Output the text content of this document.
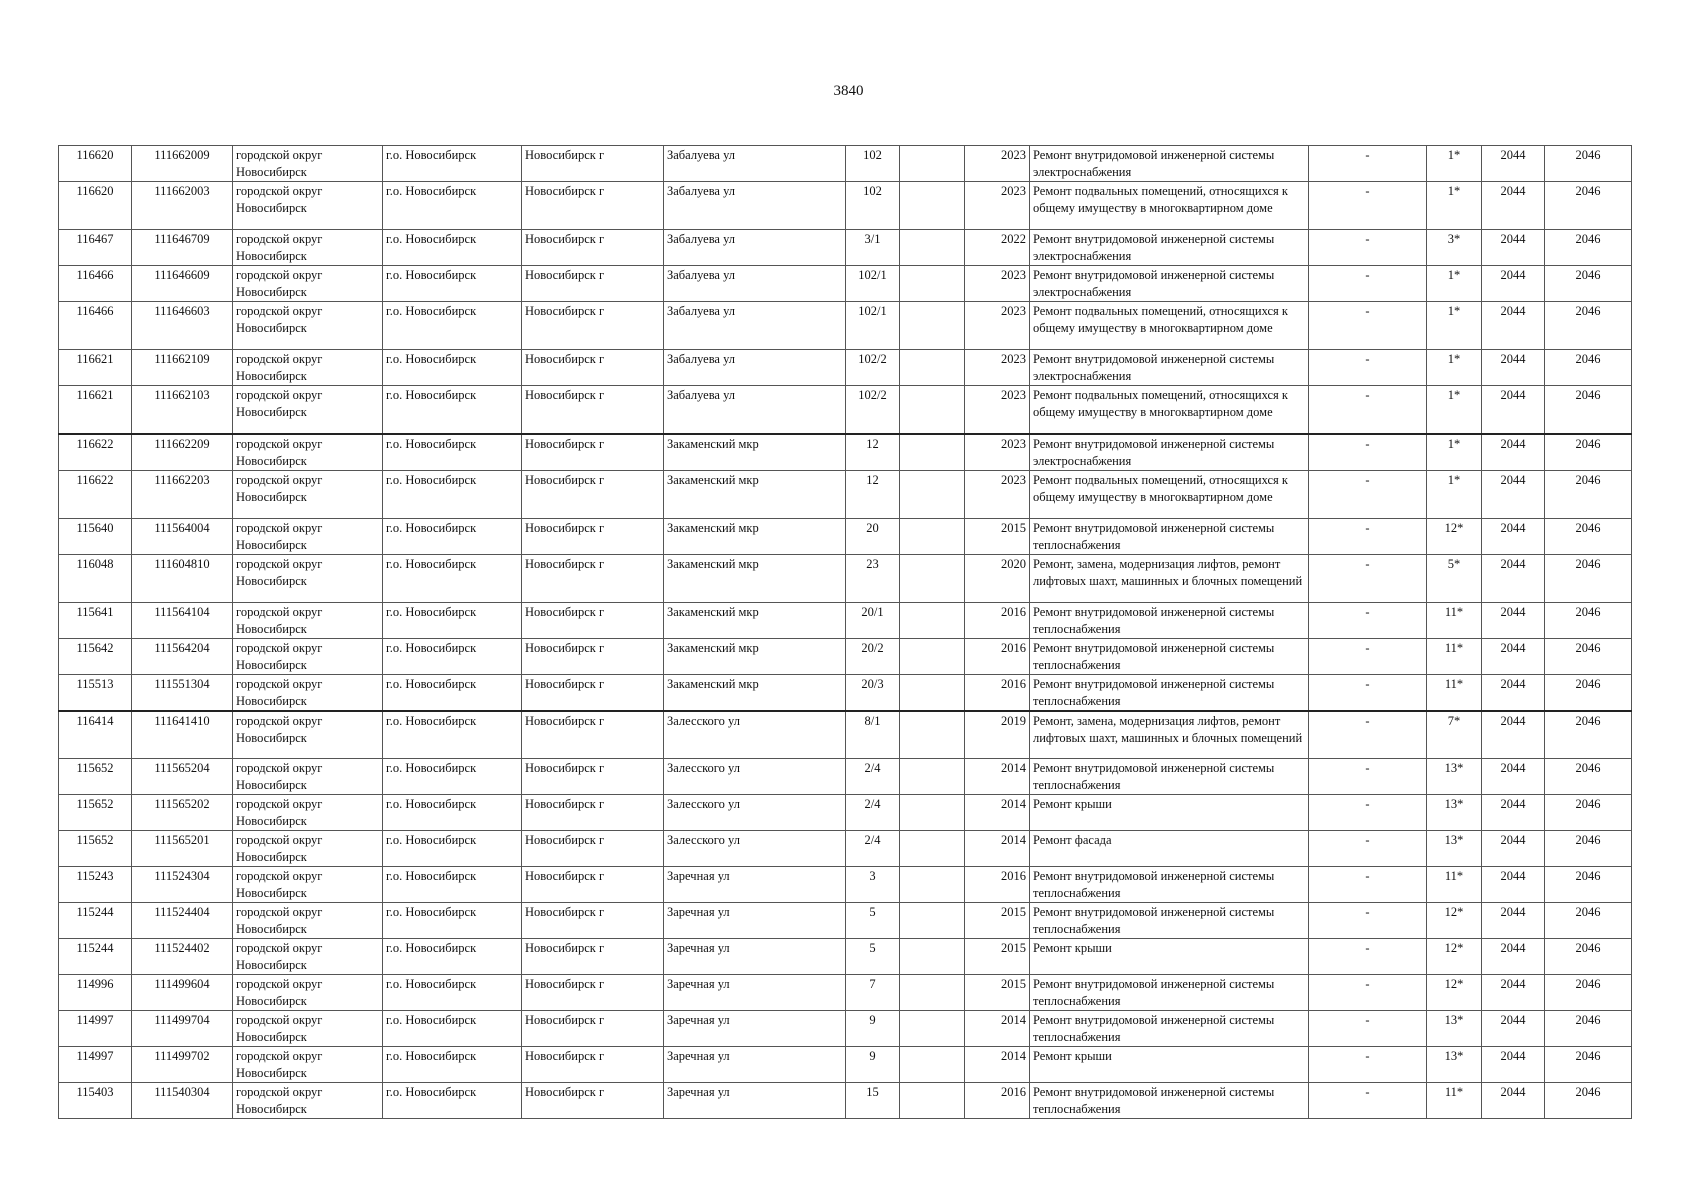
3840
116620	111662009	городской округ Новосибирск	г.о. Новосибирск	Новосибирск г	Забалуева ул	102		2023	Ремонт внутридомовой инженерной системы электроснабжения	-	1*	2044	2046
116620	111662003	городской округ Новосибирск	г.о. Новосибирск	Новосибирск г	Забалуева ул	102		2023	Ремонт подвальных помещений, относящихся к общему имуществу в многоквартирном доме	-	1*	2044	2046
116467	111646709	городской округ Новосибирск	г.о. Новосибирск	Новосибирск г	Забалуева ул	3/1		2022	Ремонт внутридомовой инженерной системы электроснабжения	-	3*	2044	2046
116466	111646609	городской округ Новосибирск	г.о. Новосибирск	Новосибирск г	Забалуева ул	102/1		2023	Ремонт внутридомовой инженерной системы электроснабжения	-	1*	2044	2046
116466	111646603	городской округ Новосибирск	г.о. Новосибирск	Новосибирск г	Забалуева ул	102/1		2023	Ремонт подвальных помещений, относящихся к общему имуществу в многоквартирном доме	-	1*	2044	2046
116621	111662109	городской округ Новосибирск	г.о. Новосибирск	Новосибирск г	Забалуева ул	102/2		2023	Ремонт внутридомовой инженерной системы электроснабжения	-	1*	2044	2046
116621	111662103	городской округ Новосибирск	г.о. Новосибирск	Новосибирск г	Забалуева ул	102/2		2023	Ремонт подвальных помещений, относящихся к общему имуществу в многоквартирном доме	-	1*	2044	2046
116622	111662209	городской округ Новосибирск	г.о. Новосибирск	Новосибирск г	Закаменский мкр	12		2023	Ремонт внутридомовой инженерной системы электроснабжения	-	1*	2044	2046
116622	111662203	городской округ Новосибирск	г.о. Новосибирск	Новосибирск г	Закаменский мкр	12		2023	Ремонт подвальных помещений, относящихся к общему имуществу в многоквартирном доме	-	1*	2044	2046
115640	111564004	городской округ Новосибирск	г.о. Новосибирск	Новосибирск г	Закаменский мкр	20		2015	Ремонт внутридомовой инженерной системы теплоснабжения	-	12*	2044	2046
116048	111604810	городской округ Новосибирск	г.о. Новосибирск	Новосибирск г	Закаменский мкр	23		2020	Ремонт, замена, модернизация лифтов, ремонт лифтовых шахт, машинных и блочных помещений	-	5*	2044	2046
115641	111564104	городской округ Новосибирск	г.о. Новосибирск	Новосибирск г	Закаменский мкр	20/1		2016	Ремонт внутридомовой инженерной системы теплоснабжения	-	11*	2044	2046
115642	111564204	городской округ Новосибирск	г.о. Новосибирск	Новосибирск г	Закаменский мкр	20/2		2016	Ремонт внутридомовой инженерной системы теплоснабжения	-	11*	2044	2046
115513	111551304	городской округ Новосибирск	г.о. Новосибирск	Новосибирск г	Закаменский мкр	20/3		2016	Ремонт внутридомовой инженерной системы теплоснабжения	-	11*	2044	2046
116414	111641410	городской округ Новосибирск	г.о. Новосибирск	Новосибирск г	Залесского ул	8/1		2019	Ремонт, замена, модернизация лифтов, ремонт лифтовых шахт, машинных и блочных помещений	-	7*	2044	2046
115652	111565204	городской округ Новосибирск	г.о. Новосибирск	Новосибирск г	Залесского ул	2/4		2014	Ремонт внутридомовой инженерной системы теплоснабжения	-	13*	2044	2046
115652	111565202	городской округ Новосибирск	г.о. Новосибирск	Новосибирск г	Залесского ул	2/4		2014	Ремонт крыши	-	13*	2044	2046
115652	111565201	городской округ Новосибирск	г.о. Новосибирск	Новосибирск г	Залесского ул	2/4		2014	Ремонт фасада	-	13*	2044	2046
115243	111524304	городской округ Новосибирск	г.о. Новосибирск	Новосибирск г	Заречная ул	3		2016	Ремонт внутридомовой инженерной системы теплоснабжения	-	11*	2044	2046
115244	111524404	городской округ Новосибирск	г.о. Новосибирск	Новосибирск г	Заречная ул	5		2015	Ремонт внутридомовой инженерной системы теплоснабжения	-	12*	2044	2046
115244	111524402	городской округ Новосибирск	г.о. Новосибирск	Новосибирск г	Заречная ул	5		2015	Ремонт крыши	-	12*	2044	2046
114996	111499604	городской округ Новосибирск	г.о. Новосибирск	Новосибирск г	Заречная ул	7		2015	Ремонт внутридомовой инженерной системы теплоснабжения	-	12*	2044	2046
114997	111499704	городской округ Новосибирск	г.о. Новосибирск	Новосибирск г	Заречная ул	9		2014	Ремонт внутридомовой инженерной системы теплоснабжения	-	13*	2044	2046
114997	111499702	городской округ Новосибирск	г.о. Новосибирск	Новосибирск г	Заречная ул	9		2014	Ремонт крыши	-	13*	2044	2046
115403	111540304	городской округ Новосибирск	г.о. Новосибирск	Новосибирск г	Заречная ул	15		2016	Ремонт внутридомовой инженерной системы теплоснабжения	-	11*	2044	2046
